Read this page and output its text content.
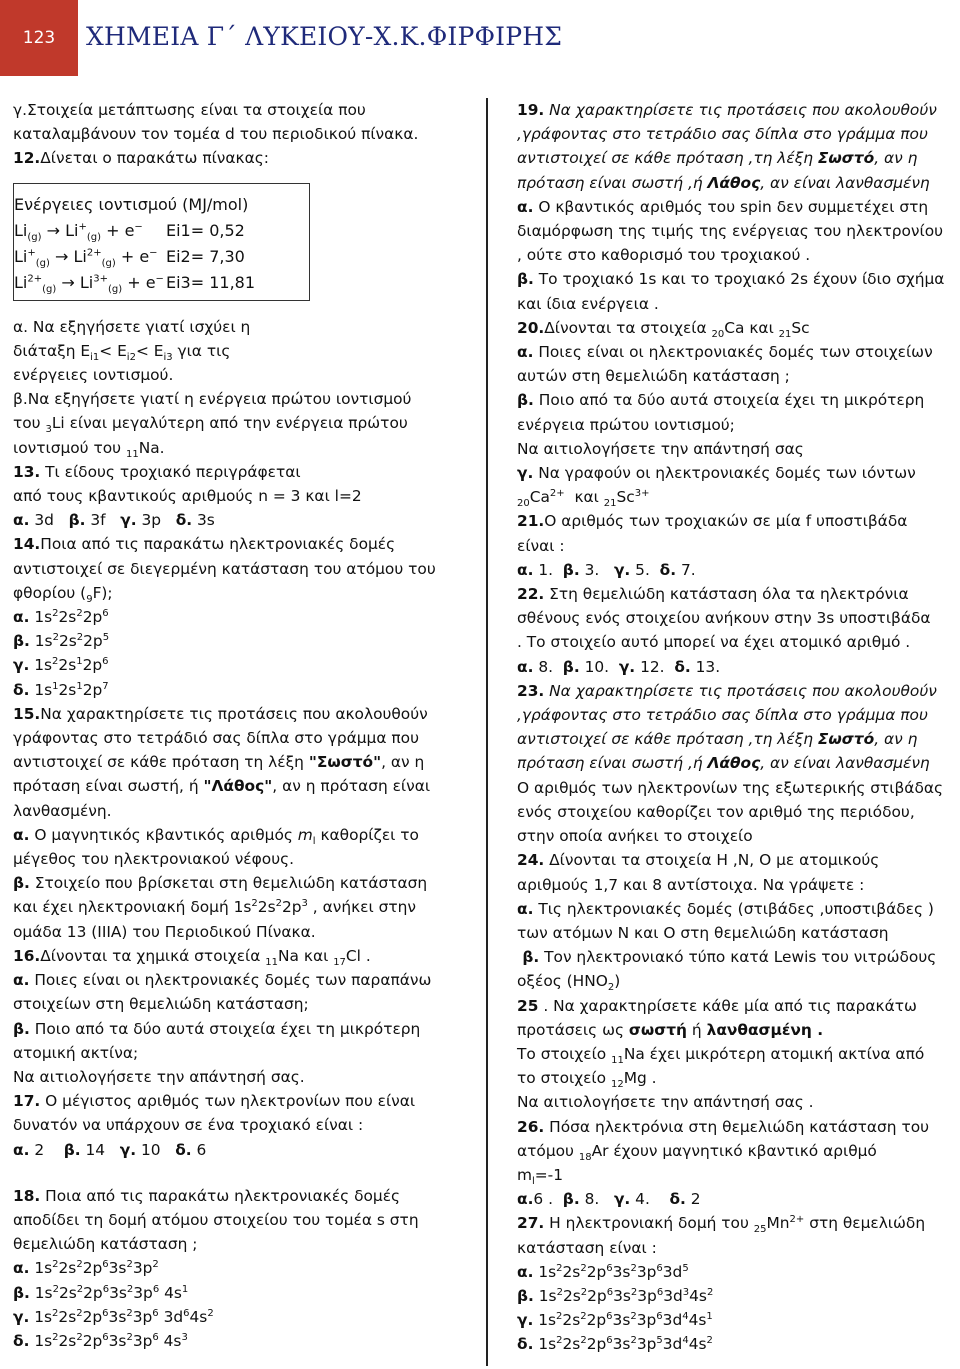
123 ΧΗΜΕΙΑ Γ΄ ΛΥΚΕΙΟΥ-Χ.Κ.ΦΙΡΦΙΡΗΣ

γ.Στοιχεία μετάπτωσης είναι τα στοιχεία που

καταλαμβάνουν τον τομέα d του περιοδικού πίνακα.

12.Δίνεται ο παρακάτω πίνακας:

Ενέργειες ιοντισμού (MJ/mol)
$Li_{(g)} \to Li^+_{(g)} + e^-$ Ei1= 0,52
$Li^+_{(g)} \to Li^{2+}_{(g)} + e^-$ Ei2= 7,30
$Li^{2+}_{(g)} \to Li^{3+}_{(g)} + e^-$ Ei3= 11,81

α. Να εξηγήσετε γιατί ισχύει η

διάταξη $E_{i1}< E_{i2}< E_{i3}$ για τις

ενέργειες ιοντισμού.

β.Να εξηγήσετε γιατί η ενέργεια πρώτου ιοντισμού

του $_3$Li είναι μεγαλύτερη από την ενέργεια πρώτου

ιοντισμού του $_{11}$Na.

13. Τι είδους τροχιακό περιγράφεται

από τους κβαντικούς αριθμούς n = 3 και l=2

α. 3d   β. 3f   γ. 3p   δ. 3s

14.Ποια από τις παρακάτω ηλεκτρονιακές δομές

αντιστοιχεί σε διεγερμένη κατάσταση του ατόμου του

φθορίου $(_9F)$;

α. $1s^22s^22p^6$

β. $1s^22s^22p^5$

γ. $1s^22s^12p^6$

δ. $1s^12s^12p^7$

15.Να χαρακτηρίσετε τις προτάσεις που ακολουθούν

γράφοντας στο τετράδιό σας δίπλα στο γράμμα που

αντιστοιχεί σε κάθε πρόταση τη λέξη "Σωστό", αν η

πρόταση είναι σωστή, ή "Λάθος", αν η πρόταση είναι

λανθασμένη.

α. Ο μαγνητικός κβαντικός αριθμός $m_l$ καθορίζει το

μέγεθος του ηλεκτρονιακού νέφους.

β. Στοιχείο που βρίσκεται στη θεμελιώδη κατάσταση

και έχει ηλεκτρονιακή δομή $1s^22s^22p^3$ , ανήκει στην

ομάδα 13 (ΙΙΙΑ) του Περιοδικού Πίνακα.

16.Δίνονται τα χημικά στοιχεία $_{11}$Na και $_{17}$Cl .

α. Ποιες είναι οι ηλεκτρονιακές δομές των παραπάνω

στοιχείων στη θεμελιώδη κατάσταση;

β. Ποιο από τα δύο αυτά στοιχεία έχει τη μικρότερη

ατομική ακτίνα;

Να αιτιολογήσετε την απάντησή σας.

17. Ο μέγιστος αριθμός των ηλεκτρονίων που είναι

δυνατόν να υπάρχουν σε ένα τροχιακό είναι :

α. 2    β. 14   γ. 10   δ. 6

18. Ποια από τις παρακάτω ηλεκτρονιακές δομές

αποδίδει τη δομή ατόμου στοιχείου του τομέα s στη

θεμελιώδη κατάσταση ;

α. $1s^22s^22p^63s^23p^2$

β. $1s^22s^22p^63s^23p^6$ $4s^1$

γ. $1s^22s^22p^63s^23p^6$ $3d^64s^2$

δ. $1s^22s^22p^63s^23p^6$ $4s^3$

19. Να χαρακτηρίσετε τις προτάσεις που ακολουθούν

,γράφοντας στο τετράδιο σας δίπλα στο γράμμα που

αντιστοιχεί σε κάθε πρόταση ,τη λέξη Σωστό, αν η

πρόταση είναι σωστή ,ή Λάθος, αν είναι λανθασμένη

α. Ο κβαντικός αριθμός του spin δεν συμμετέχει στη

διαμόρφωση της τιμής της ενέργειας του ηλεκτρονίου

, ούτε στο καθορισμό του τροχιακού .

β. Το τροχιακό 1s και το τροχιακό 2s έχουν ίδιο σχήμα

και ίδια ενέργεια .

20.Δίνονται τα στοιχεία $_{20}$Ca και $_{21}$Sc

α. Ποιες είναι οι ηλεκτρονιακές δομές των στοιχείων

αυτών στη θεμελιώδη κατάσταση ;

β. Ποιο από τα δύο αυτά στοιχεία έχει τη μικρότερη

ενέργεια πρώτου ιοντισμού;

Να αιτιολογήσετε την απάντησή σας

γ. Να γραφούν οι ηλεκτρονιακές δομές των ιόντων

$_{20}Ca^{2+}$  και $_{21}Sc^{3+}$

21.Ο αριθμός των τροχιακών σε μία f υποστιβάδα

είναι :

α. 1.  β. 3.   γ. 5.  δ. 7.

22. Στη θεμελιώδη κατάσταση όλα τα ηλεκτρόνια

σθένους ενός στοιχείου ανήκουν στην 3s υποστιβάδα

. Το στοιχείο αυτό μπορεί να έχει ατομικό αριθμό .

α. 8.  β. 10.  γ. 12.  δ. 13.

23. Να χαρακτηρίσετε τις προτάσεις που ακολουθούν

,γράφοντας στο τετράδιο σας δίπλα στο γράμμα που

αντιστοιχεί σε κάθε πρόταση ,τη λέξη Σωστό, αν η

πρόταση είναι σωστή ,ή Λάθος, αν είναι λανθασμένη

Ο αριθμός των ηλεκτρονίων της εξωτερικής στιβάδας

ενός στοιχείου καθορίζει τον αριθμό της περιόδου,

στην οποία ανήκει το στοιχείο

24. Δίνονται τα στοιχεία Η ,Ν, Ο με ατομικούς

αριθμούς 1,7 και 8 αντίστοιχα. Να γράψετε :

α. Τις ηλεκτρονιακές δομές (στιβάδες ,υποστιβάδες )

των ατόμων Ν και Ο στη θεμελιώδη κατάσταση

β. Τον ηλεκτρονιακό τύπο κατά Lewis του νιτρώδους

οξέος $(HNO_2)$

25 . Να χαρακτηρίσετε κάθε μία από τις παρακάτω

προτάσεις ως σωστή ή λανθασμένη .

Το στοιχείο $_{11}$Na έχει μικρότερη ατομική ακτίνα από

το στοιχείο $_{12}$Mg .

Να αιτιολογήσετε την απάντησή σας .

26. Πόσα ηλεκτρόνια στη θεμελιώδη κατάσταση του

ατόμου $_{18}$Ar έχουν μαγνητικό κβαντικό αριθμό

$m_l=-1$

α.6 .  β. 8.   γ. 4.    δ. 2

27. Η ηλεκτρονιακή δομή του $_{25}Mn^{2+}$ στη θεμελιώδη

κατάσταση είναι :

α. $1s^22s^22p^63s^23p^63d^5$

β. $1s^22s^22p^63s^23p^63d^34s^2$

γ. $1s^22s^22p^63s^23p^63d^44s^1$

δ. $1s^22s^22p^63s^23p^53d^44s^2$
